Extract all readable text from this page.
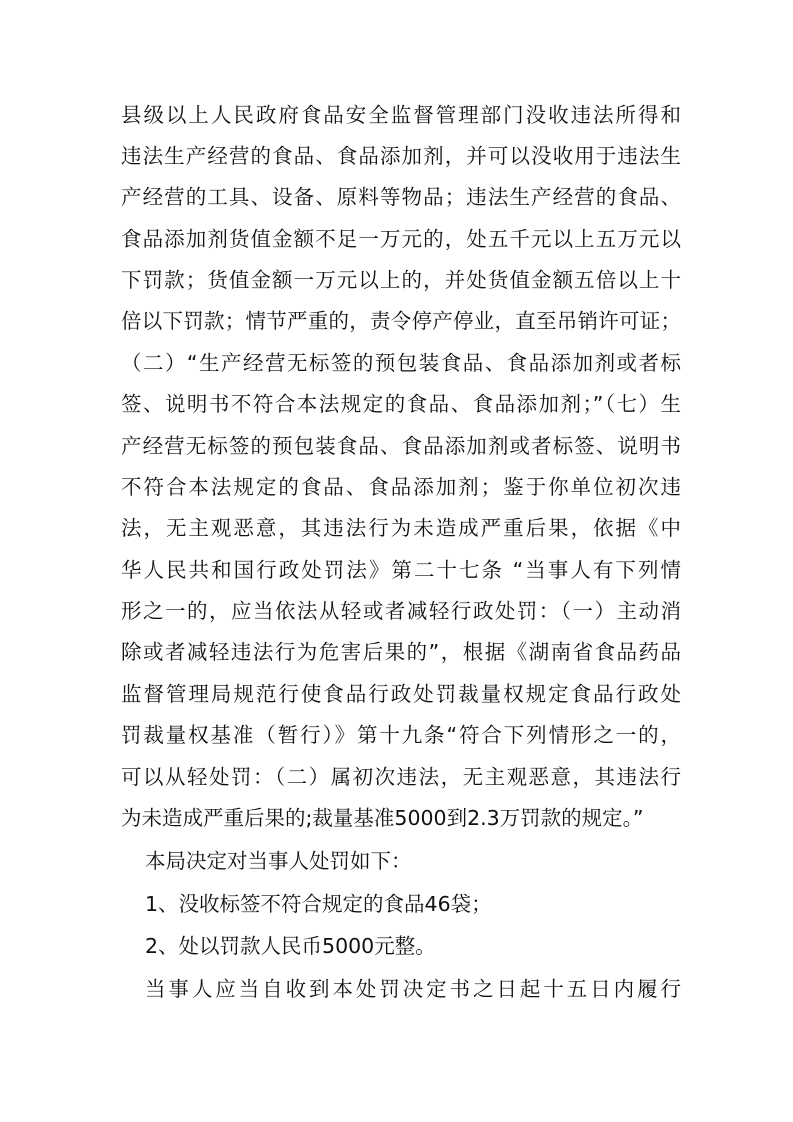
县级以上人民政府食品安全监督管理部门没收违法所得和
违法生产经营的食品、食品添加剂，并可以没收用于违法生
产经营的工具、设备、原料等物品；违法生产经营的食品、
食品添加剂货值金额不足一万元的，处五千元以上五万元以
下罚款；货值金额一万元以上的，并处货值金额五倍以上十
倍以下罚款；情节严重的，责令停产停业，直至吊销许可证；
（二）“生产经营无标签的预包装食品、食品添加剂或者标
签、说明书不符合本法规定的食品、食品添加剂；”（七）生
产经营无标签的预包装食品、食品添加剂或者标签、说明书
不符合本法规定的食品、食品添加剂；鉴于你单位初次违
法，无主观恶意，其违法行为未造成严重后果，依据《中
华人民共和国行政处罚法》第二十七条 “当事人有下列情
形之一的，应当依法从轻或者减轻行政处罚：（一）主动消
除或者减轻违法行为危害后果的”，根据《湖南省食品药品
监督管理局规范行使食品行政处罚裁量权规定食品行政处
罚裁量权基准（暂行）》第十九条“符合下列情形之一的，
可以从轻处罚：（二）属初次违法，无主观恶意，其违法行
为未造成严重后果的;裁量基准5000到2.3万罚款的规定。”
本局决定对当事人处罚如下：
1、没收标签不符合规定的食品46袋；
2、处以罚款人民币5000元整。
当事人应当自收到本处罚决定书之日起十五日内履行
